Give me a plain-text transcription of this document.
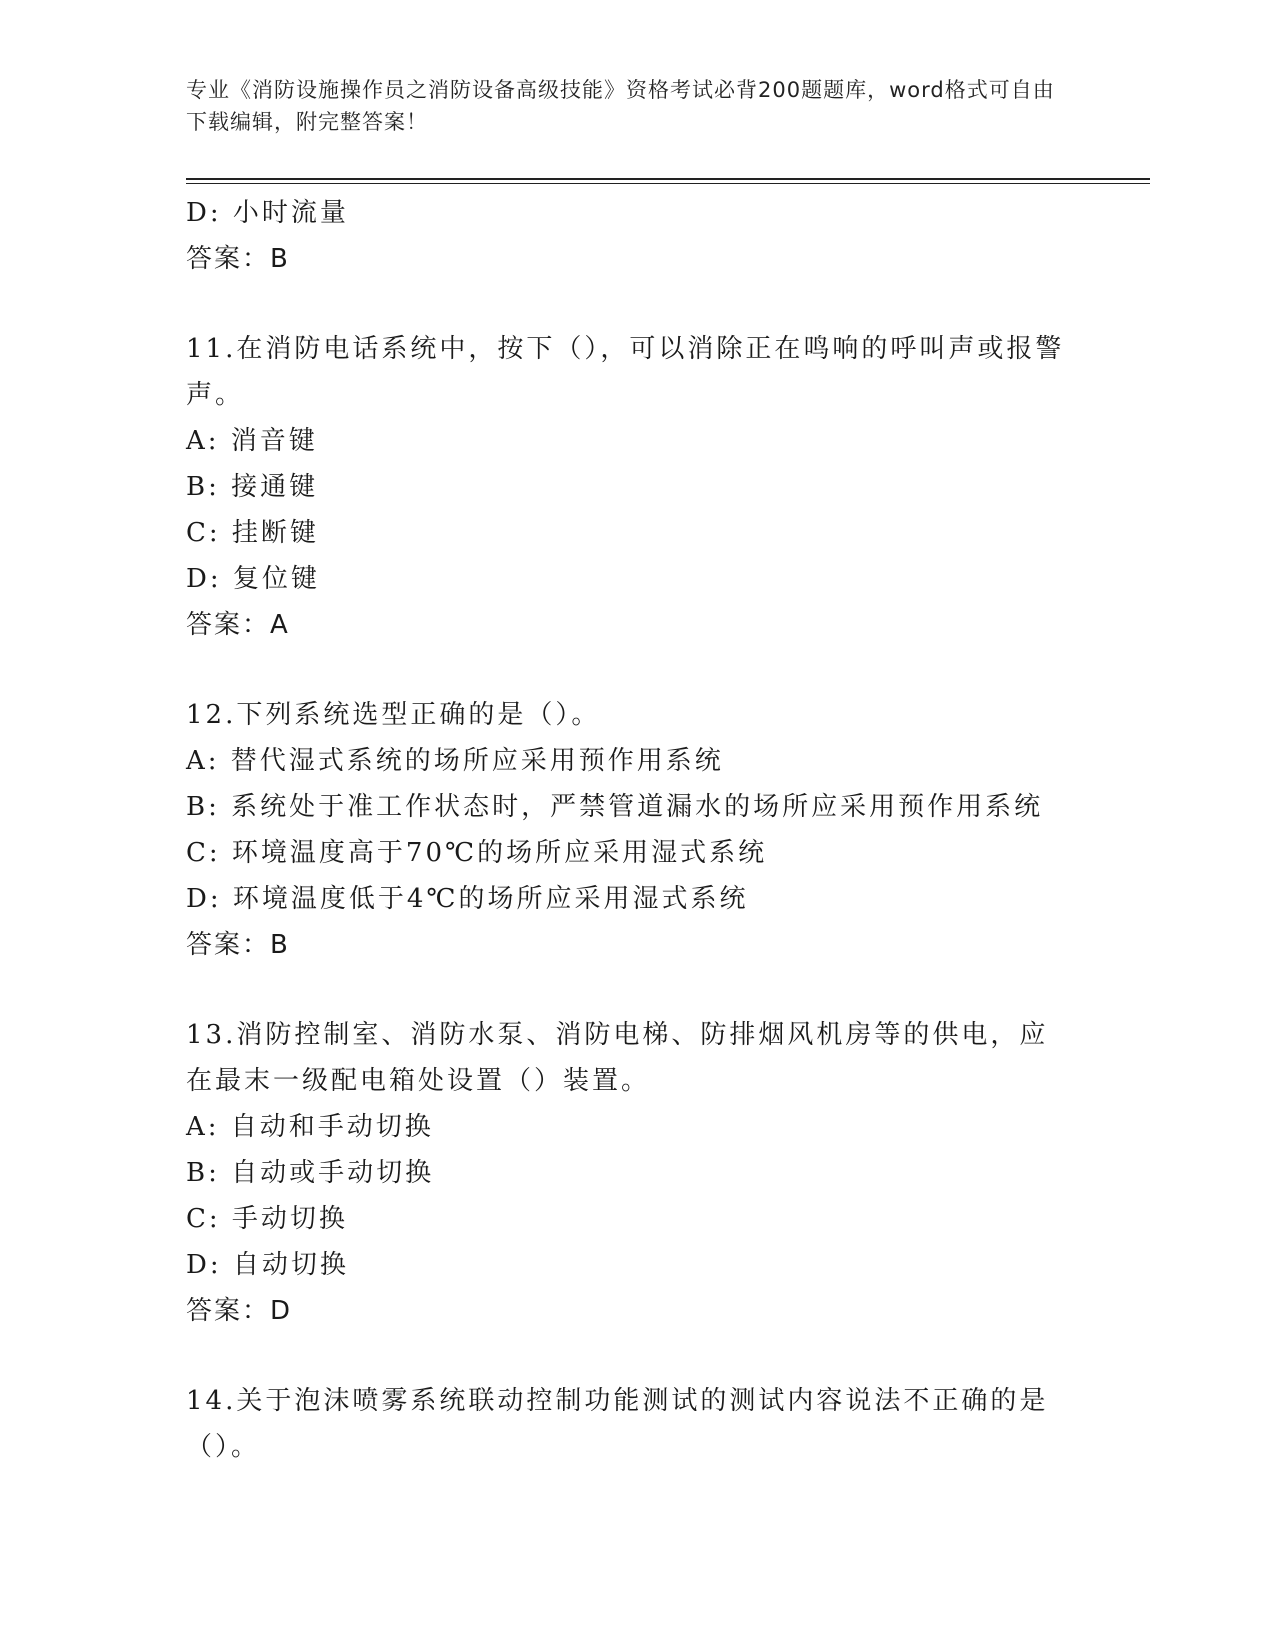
专业《消防设施操作员之消防设备高级技能》资格考试必背200题题库，word格式可自由下载编辑，附完整答案！
D: 小时流量
答案：B
11.在消防电话系统中，按下（），可以消除正在鸣响的呼叫声或报警声。
A: 消音键
B: 接通键
C: 挂断键
D: 复位键
答案：A
12.下列系统选型正确的是（）。
A: 替代湿式系统的场所应采用预作用系统
B: 系统处于准工作状态时，严禁管道漏水的场所应采用预作用系统
C: 环境温度高于70℃的场所应采用湿式系统
D: 环境温度低于4℃的场所应采用湿式系统
答案：B
13.消防控制室、消防水泵、消防电梯、防排烟风机房等的供电，应在最末一级配电箱处设置（）装置。
A: 自动和手动切换
B: 自动或手动切换
C: 手动切换
D: 自动切换
答案：D
14.关于泡沫喷雾系统联动控制功能测试的测试内容说法不正确的是（）。
